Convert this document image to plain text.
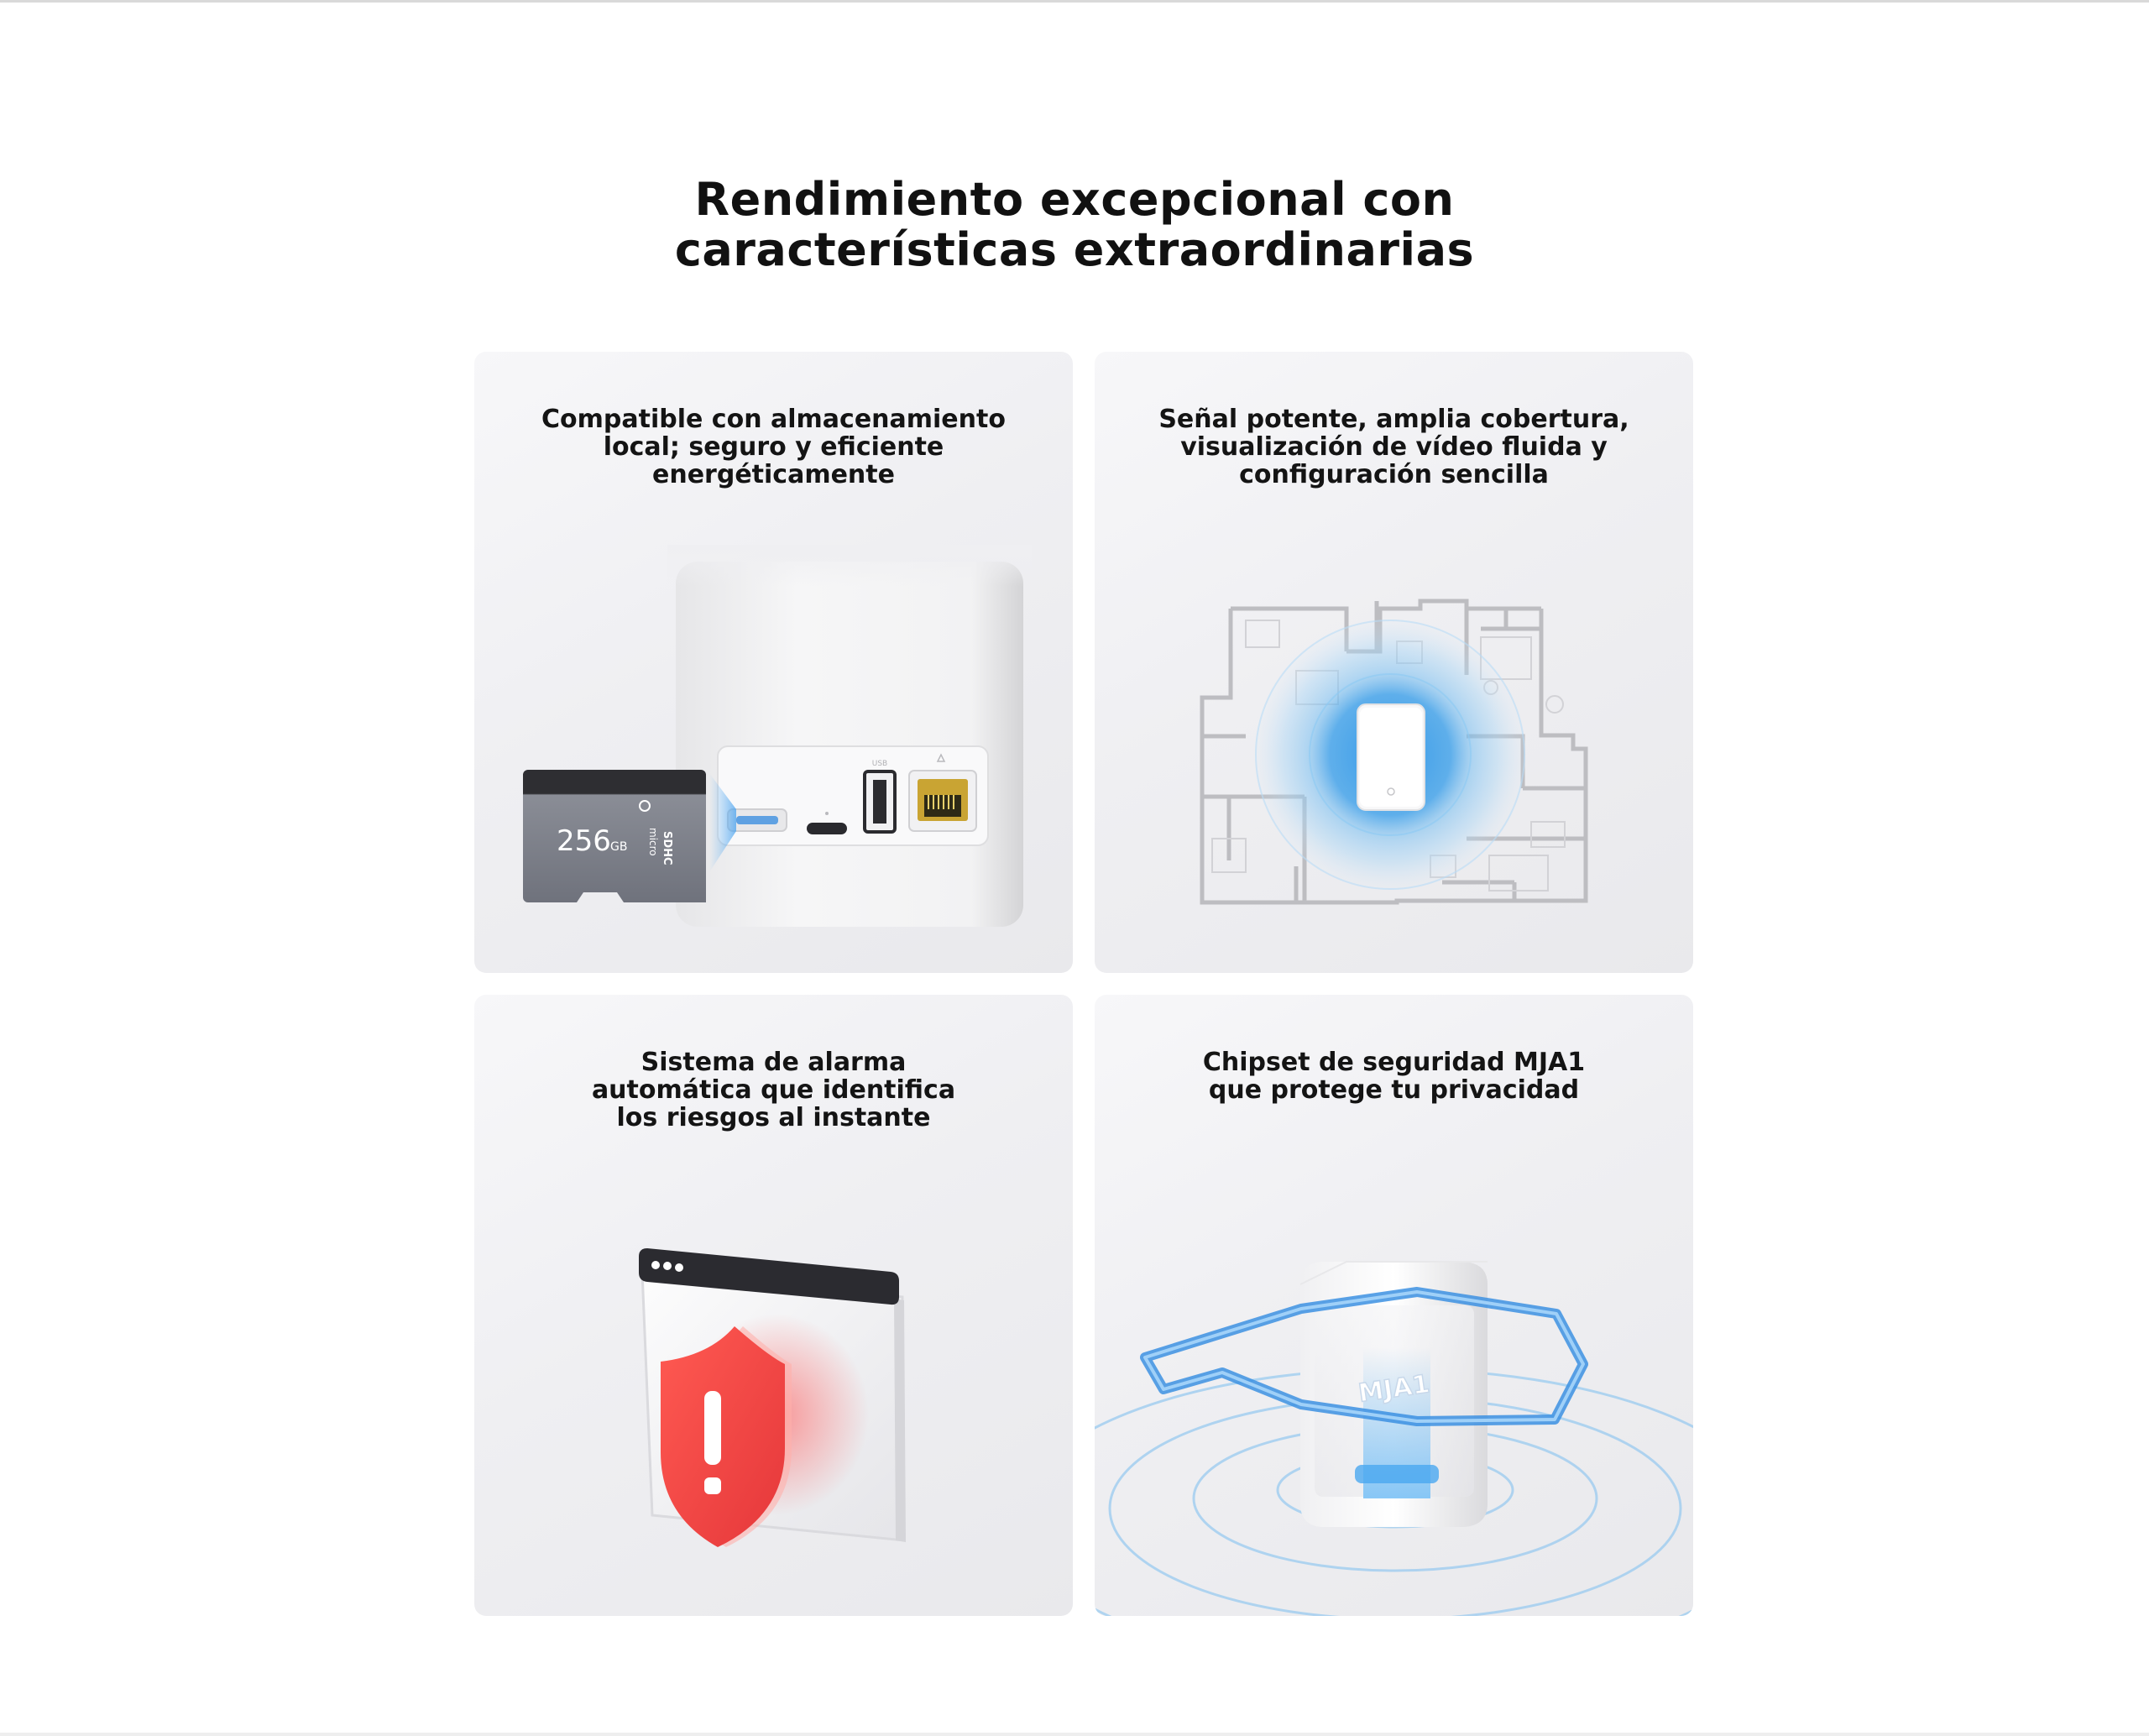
Rendimiento excepcional con
características extraordinarias
USB
256 GB micro SDHC
Compatible con almacenamiento
local; seguro y eficiente
energéticamente
Señal potente, amplia cobertura,
visualización de vídeo fluida y
configuración sencilla
Sistema de alarma
automática que identifica
los riesgos al instante
MJA1
Chipset de seguridad MJA1
que protege tu privacidad
